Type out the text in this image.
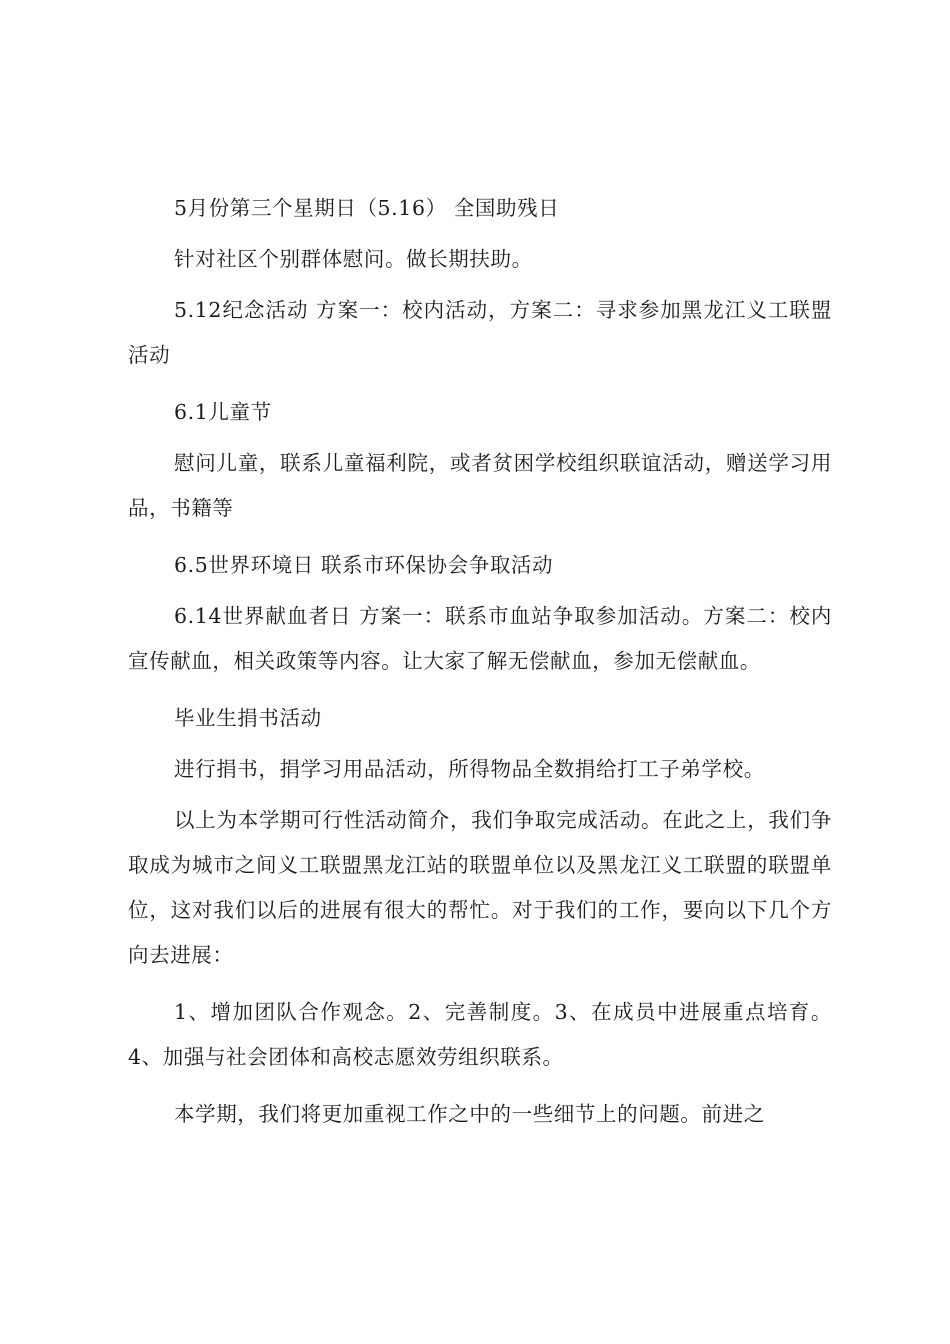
5月份第三个星期日（5.16） 全国助残日

针对社区个别群体慰问。做长期扶助。

5.12纪念活动 方案一：校内活动，方案二：寻求参加黑龙江义工联盟活动

6.1儿童节

慰问儿童，联系儿童福利院，或者贫困学校组织联谊活动，赠送学习用品，书籍等

6.5世界环境日 联系市环保协会争取活动

6.14世界献血者日 方案一：联系市血站争取参加活动。方案二：校内宣传献血，相关政策等内容。让大家了解无偿献血，参加无偿献血。

毕业生捐书活动

进行捐书，捐学习用品活动，所得物品全数捐给打工子弟学校。

以上为本学期可行性活动简介，我们争取完成活动。在此之上，我们争取成为城市之间义工联盟黑龙江站的联盟单位以及黑龙江义工联盟的联盟单位，这对我们以后的进展有很大的帮忙。对于我们的工作，要向以下几个方向去进展：

1、增加团队合作观念。2、完善制度。3、在成员中进展重点培育。4、加强与社会团体和高校志愿效劳组织联系。

本学期，我们将更加重视工作之中的一些细节上的问题。前进之
